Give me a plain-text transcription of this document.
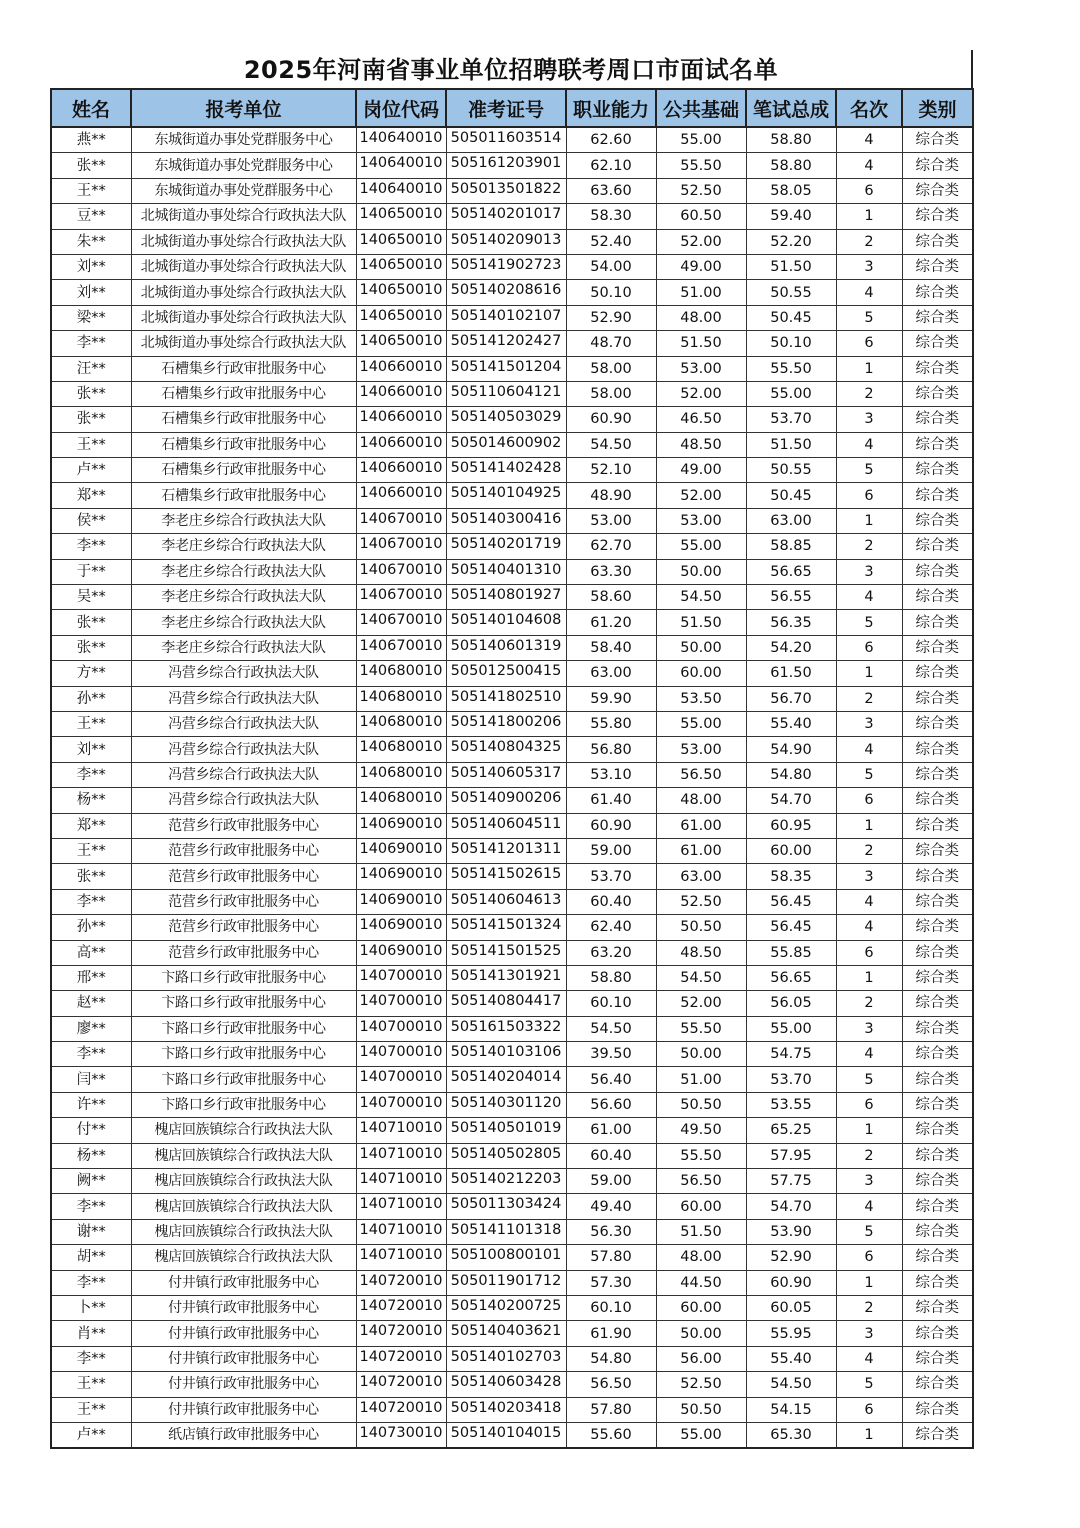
2025年河南省事业单位招聘联考周口市面试名单
姓名	报考单位	岗位代码	准考证号	职业能力	公共基础	笔试总成	名次	类别
燕**	东城街道办事处党群服务中心	140640010	505011603514	62.60	55.00	58.80	4	综合类
张**	东城街道办事处党群服务中心	140640010	505161203901	62.10	55.50	58.80	4	综合类
王**	东城街道办事处党群服务中心	140640010	505013501822	63.60	52.50	58.05	6	综合类
豆**	北城街道办事处综合行政执法大队	140650010	505140201017	58.30	60.50	59.40	1	综合类
朱**	北城街道办事处综合行政执法大队	140650010	505140209013	52.40	52.00	52.20	2	综合类
刘**	北城街道办事处综合行政执法大队	140650010	505141902723	54.00	49.00	51.50	3	综合类
刘**	北城街道办事处综合行政执法大队	140650010	505140208616	50.10	51.00	50.55	4	综合类
梁**	北城街道办事处综合行政执法大队	140650010	505140102107	52.90	48.00	50.45	5	综合类
李**	北城街道办事处综合行政执法大队	140650010	505141202427	48.70	51.50	50.10	6	综合类
汪**	石槽集乡行政审批服务中心	140660010	505141501204	58.00	53.00	55.50	1	综合类
张**	石槽集乡行政审批服务中心	140660010	505110604121	58.00	52.00	55.00	2	综合类
张**	石槽集乡行政审批服务中心	140660010	505140503029	60.90	46.50	53.70	3	综合类
王**	石槽集乡行政审批服务中心	140660010	505014600902	54.50	48.50	51.50	4	综合类
卢**	石槽集乡行政审批服务中心	140660010	505141402428	52.10	49.00	50.55	5	综合类
郑**	石槽集乡行政审批服务中心	140660010	505140104925	48.90	52.00	50.45	6	综合类
侯**	李老庄乡综合行政执法大队	140670010	505140300416	53.00	53.00	63.00	1	综合类
李**	李老庄乡综合行政执法大队	140670010	505140201719	62.70	55.00	58.85	2	综合类
于**	李老庄乡综合行政执法大队	140670010	505140401310	63.30	50.00	56.65	3	综合类
吴**	李老庄乡综合行政执法大队	140670010	505140801927	58.60	54.50	56.55	4	综合类
张**	李老庄乡综合行政执法大队	140670010	505140104608	61.20	51.50	56.35	5	综合类
张**	李老庄乡综合行政执法大队	140670010	505140601319	58.40	50.00	54.20	6	综合类
方**	冯营乡综合行政执法大队	140680010	505012500415	63.00	60.00	61.50	1	综合类
孙**	冯营乡综合行政执法大队	140680010	505141802510	59.90	53.50	56.70	2	综合类
王**	冯营乡综合行政执法大队	140680010	505141800206	55.80	55.00	55.40	3	综合类
刘**	冯营乡综合行政执法大队	140680010	505140804325	56.80	53.00	54.90	4	综合类
李**	冯营乡综合行政执法大队	140680010	505140605317	53.10	56.50	54.80	5	综合类
杨**	冯营乡综合行政执法大队	140680010	505140900206	61.40	48.00	54.70	6	综合类
郑**	范营乡行政审批服务中心	140690010	505140604511	60.90	61.00	60.95	1	综合类
王**	范营乡行政审批服务中心	140690010	505141201311	59.00	61.00	60.00	2	综合类
张**	范营乡行政审批服务中心	140690010	505141502615	53.70	63.00	58.35	3	综合类
李**	范营乡行政审批服务中心	140690010	505140604613	60.40	52.50	56.45	4	综合类
孙**	范营乡行政审批服务中心	140690010	505141501324	62.40	50.50	56.45	4	综合类
高**	范营乡行政审批服务中心	140690010	505141501525	63.20	48.50	55.85	6	综合类
邢**	卞路口乡行政审批服务中心	140700010	505141301921	58.80	54.50	56.65	1	综合类
赵**	卞路口乡行政审批服务中心	140700010	505140804417	60.10	52.00	56.05	2	综合类
廖**	卞路口乡行政审批服务中心	140700010	505161503322	54.50	55.50	55.00	3	综合类
李**	卞路口乡行政审批服务中心	140700010	505140103106	39.50	50.00	54.75	4	综合类
闫**	卞路口乡行政审批服务中心	140700010	505140204014	56.40	51.00	53.70	5	综合类
许**	卞路口乡行政审批服务中心	140700010	505140301120	56.60	50.50	53.55	6	综合类
付**	槐店回族镇综合行政执法大队	140710010	505140501019	61.00	49.50	65.25	1	综合类
杨**	槐店回族镇综合行政执法大队	140710010	505140502805	60.40	55.50	57.95	2	综合类
阙**	槐店回族镇综合行政执法大队	140710010	505140212203	59.00	56.50	57.75	3	综合类
李**	槐店回族镇综合行政执法大队	140710010	505011303424	49.40	60.00	54.70	4	综合类
谢**	槐店回族镇综合行政执法大队	140710010	505141101318	56.30	51.50	53.90	5	综合类
胡**	槐店回族镇综合行政执法大队	140710010	505100800101	57.80	48.00	52.90	6	综合类
李**	付井镇行政审批服务中心	140720010	505011901712	57.30	44.50	60.90	1	综合类
卜**	付井镇行政审批服务中心	140720010	505140200725	60.10	60.00	60.05	2	综合类
肖**	付井镇行政审批服务中心	140720010	505140403621	61.90	50.00	55.95	3	综合类
李**	付井镇行政审批服务中心	140720010	505140102703	54.80	56.00	55.40	4	综合类
王**	付井镇行政审批服务中心	140720010	505140603428	56.50	52.50	54.50	5	综合类
王**	付井镇行政审批服务中心	140720010	505140203418	57.80	50.50	54.15	6	综合类
卢**	纸店镇行政审批服务中心	140730010	505140104015	55.60	55.00	65.30	1	综合类
